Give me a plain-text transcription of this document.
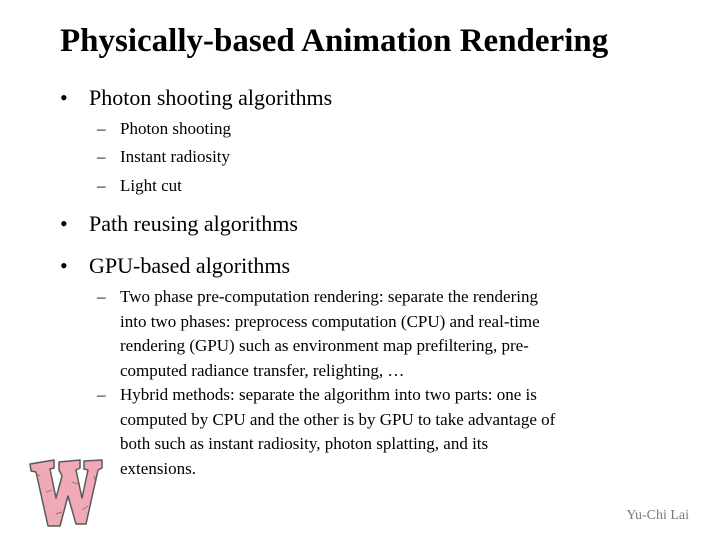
Physically-based Animation Rendering
• Photon shooting algorithms
– Photon shooting
– Instant radiosity
– Light cut
• Path reusing algorithms
• GPU-based algorithms
– Two phase pre-computation rendering: separate the rendering
into two phases: preprocess computation (CPU) and real-time
rendering (GPU) such as environment map prefiltering, pre-
computed radiance transfer, relighting, …
– Hybrid methods: separate the algorithm into two parts: one is
computed by CPU and the other is by GPU to take advantage of
both such as instant radiosity, photon splatting, and its
extensions.
Yu-Chi Lai
